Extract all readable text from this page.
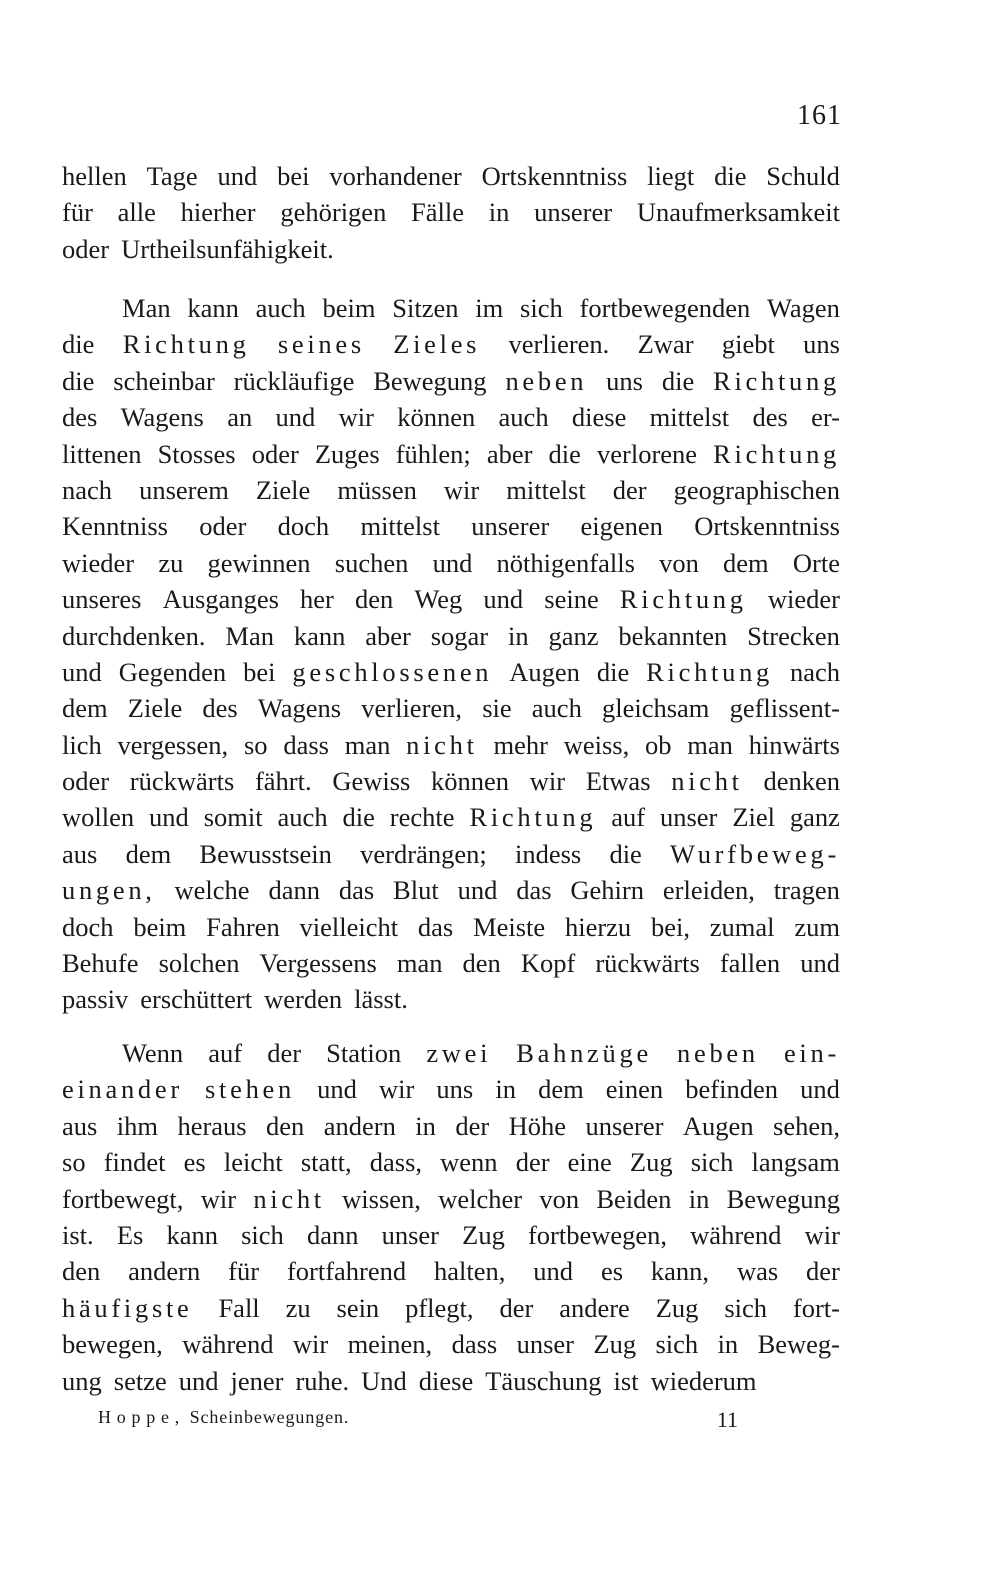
161
hellen Tage und bei vorhandener Ortskenntniss liegt die Schuld
für alle hierher gehörigen Fälle in unserer Unaufmerksamkeit
oder Urtheilsunfähigkeit.
Man kann auch beim Sitzen im sich fortbewegenden Wagen
die Richtung seines Zieles verlieren. Zwar giebt uns
die scheinbar rückläufige Bewegung neben uns die Richtung
des Wagens an und wir können auch diese mittelst des er-
littenen Stosses oder Zuges fühlen; aber die verlorene Richtung
nach unserem Ziele müssen wir mittelst der geographischen
Kenntniss oder doch mittelst unserer eigenen Ortskenntniss
wieder zu gewinnen suchen und nöthigenfalls von dem Orte
unseres Ausganges her den Weg und seine Richtung wieder
durchdenken. Man kann aber sogar in ganz bekannten Strecken
und Gegenden bei geschlossenen Augen die Richtung nach
dem Ziele des Wagens verlieren, sie auch gleichsam geflissent-
lich vergessen, so dass man nicht mehr weiss, ob man hinwärts
oder rückwärts fährt. Gewiss können wir Etwas nicht denken
wollen und somit auch die rechte Richtung auf unser Ziel ganz
aus dem Bewusstsein verdrängen; indess die Wurfbeweg-
ungen, welche dann das Blut und das Gehirn erleiden, tragen
doch beim Fahren vielleicht das Meiste hierzu bei, zumal zum
Behufe solchen Vergessens man den Kopf rückwärts fallen und
passiv erschüttert werden lässt.
Wenn auf der Station zwei Bahnzüge neben ein-
einander stehen und wir uns in dem einen befinden und
aus ihm heraus den andern in der Höhe unserer Augen sehen,
so findet es leicht statt, dass, wenn der eine Zug sich langsam
fortbewegt, wir nicht wissen, welcher von Beiden in Bewegung
ist. Es kann sich dann unser Zug fortbewegen, während wir
den andern für fortfahrend halten, und es kann, was der
häufigste Fall zu sein pflegt, der andere Zug sich fort-
bewegen, während wir meinen, dass unser Zug sich in Beweg-
ung setze und jener ruhe. Und diese Täuschung ist wiederum
Hoppe, Scheinbewegungen.	11
